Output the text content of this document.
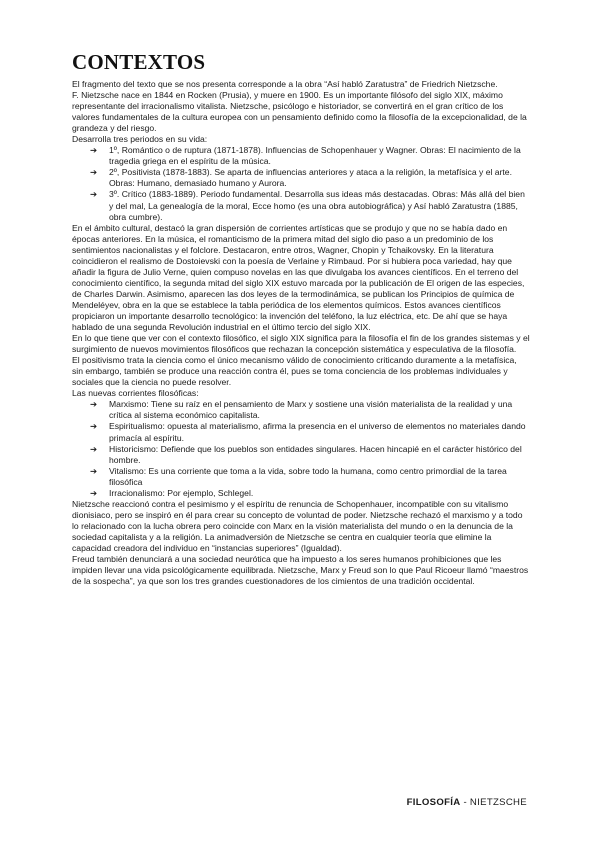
CONTEXTOS

El fragmento del texto que se nos presenta corresponde a la obra “Así habló Zaratustra” de Friedrich Nietzsche.

F. Nietzsche nace en 1844 en Rocken (Prusia), y muere en 1900. Es un importante filósofo del siglo XIX, máximo representante del irracionalismo vitalista. Nietzsche, psicólogo e historiador, se convertirá en el gran crítico de los valores fundamentales de la cultura europea con un pensamiento definido como la filosofía de la excepcionalidad, de la grandeza y del riesgo.

Desarrolla tres periodos en su vida:

➔ 1º, Romántico o de ruptura (1871-1878). Influencias de Schopenhauer y Wagner. Obras: El nacimiento de la tragedia griega en el espíritu de la música.
➔ 2º, Positivista (1878-1883). Se aparta de influencias anteriores y ataca a la religión, la metafísica y el arte. Obras: Humano, demasiado humano y Aurora.
➔ 3º. Crítico (1883-1889). Periodo fundamental. Desarrolla sus ideas más destacadas. Obras: Más allá del bien y del mal, La genealogía de la moral, Ecce homo (es una obra autobiográfica) y Así habló Zaratustra (1885, obra cumbre).

En el ámbito cultural, destacó la gran dispersión de corrientes artísticas que se produjo y que no se había dado en épocas anteriores. En la música, el romanticismo de la primera mitad del siglo dio paso a un predominio de los sentimientos nacionalistas y el folclore. Destacaron, entre otros, Wagner, Chopin y Tchaikovsky. En la literatura coincidieron el realismo de Dostoievski con la poesía de Verlaine y Rimbaud. Por si hubiera poca variedad, hay que añadir la figura de Julio Verne, quien compuso novelas en las que divulgaba los avances científicos. En el terreno del conocimiento científico, la segunda mitad del siglo XIX estuvo marcada por la publicación de El origen de las especies, de Charles Darwin. Asimismo, aparecen las dos leyes de la termodinámica, se publican los Principios de química de Mendeléyev, obra en la que se establece la tabla periódica de los elementos químicos. Estos avances científicos propiciaron un importante desarrollo tecnológico: la invención del teléfono, la luz eléctrica, etc. De ahí que se haya hablado de una segunda Revolución industrial en el último tercio del siglo XIX.

En lo que tiene que ver con el contexto filosófico, el siglo XIX significa para la filosofía el fin de los grandes sistemas y el surgimiento de nuevos movimientos filosóficos que rechazan la concepción sistemática y especulativa de la filosofía.

El positivismo trata la ciencia como el único mecanismo válido de conocimiento criticando duramente a la metafísica, sin embargo, también se produce una reacción contra él, pues se toma conciencia de los problemas individuales y sociales que la ciencia no puede resolver.

Las nuevas corrientes filosóficas:

➔ Marxismo: Tiene su raíz en el pensamiento de Marx y sostiene una visión materialista de la realidad y una crítica al sistema económico capitalista.
➔ Espiritualismo: opuesta al materialismo, afirma la presencia en el universo de elementos no materiales dando primacía al espíritu.
➔ Historicismo: Defiende que los pueblos son entidades singulares. Hacen hincapié en el carácter histórico del hombre.
➔ Vitalismo: Es una corriente que toma a la vida, sobre todo la humana, como centro primordial de la tarea filosófica
➔ Irracionalismo: Por ejemplo, Schlegel.

Nietzsche reaccionó contra el pesimismo y el espíritu de renuncia de Schopenhauer, incompatible con su vitalismo dionisiaco, pero se inspiró en él para crear su concepto de voluntad de poder. Nietzsche rechazó el marxismo y a todo lo relacionado con la lucha obrera pero coincide con Marx en la visión materialista del mundo o en la denuncia de la sociedad capitalista y a la religión. La animadversión de Nietzsche se centra en cualquier teoría que elimine la capacidad creadora del individuo en “instancias superiores” (Igualdad).

Freud también denunciará a una sociedad neurótica que ha impuesto a los seres humanos prohibiciones que les impiden llevar una vida psicológicamente equilibrada. Nietzsche, Marx y Freud son lo que Paul Ricoeur llamó “maestros de la sospecha”, ya que son los tres grandes cuestionadores de los cimientos de una tradición occidental.

FILOSOFÍA - NIETZSCHE
